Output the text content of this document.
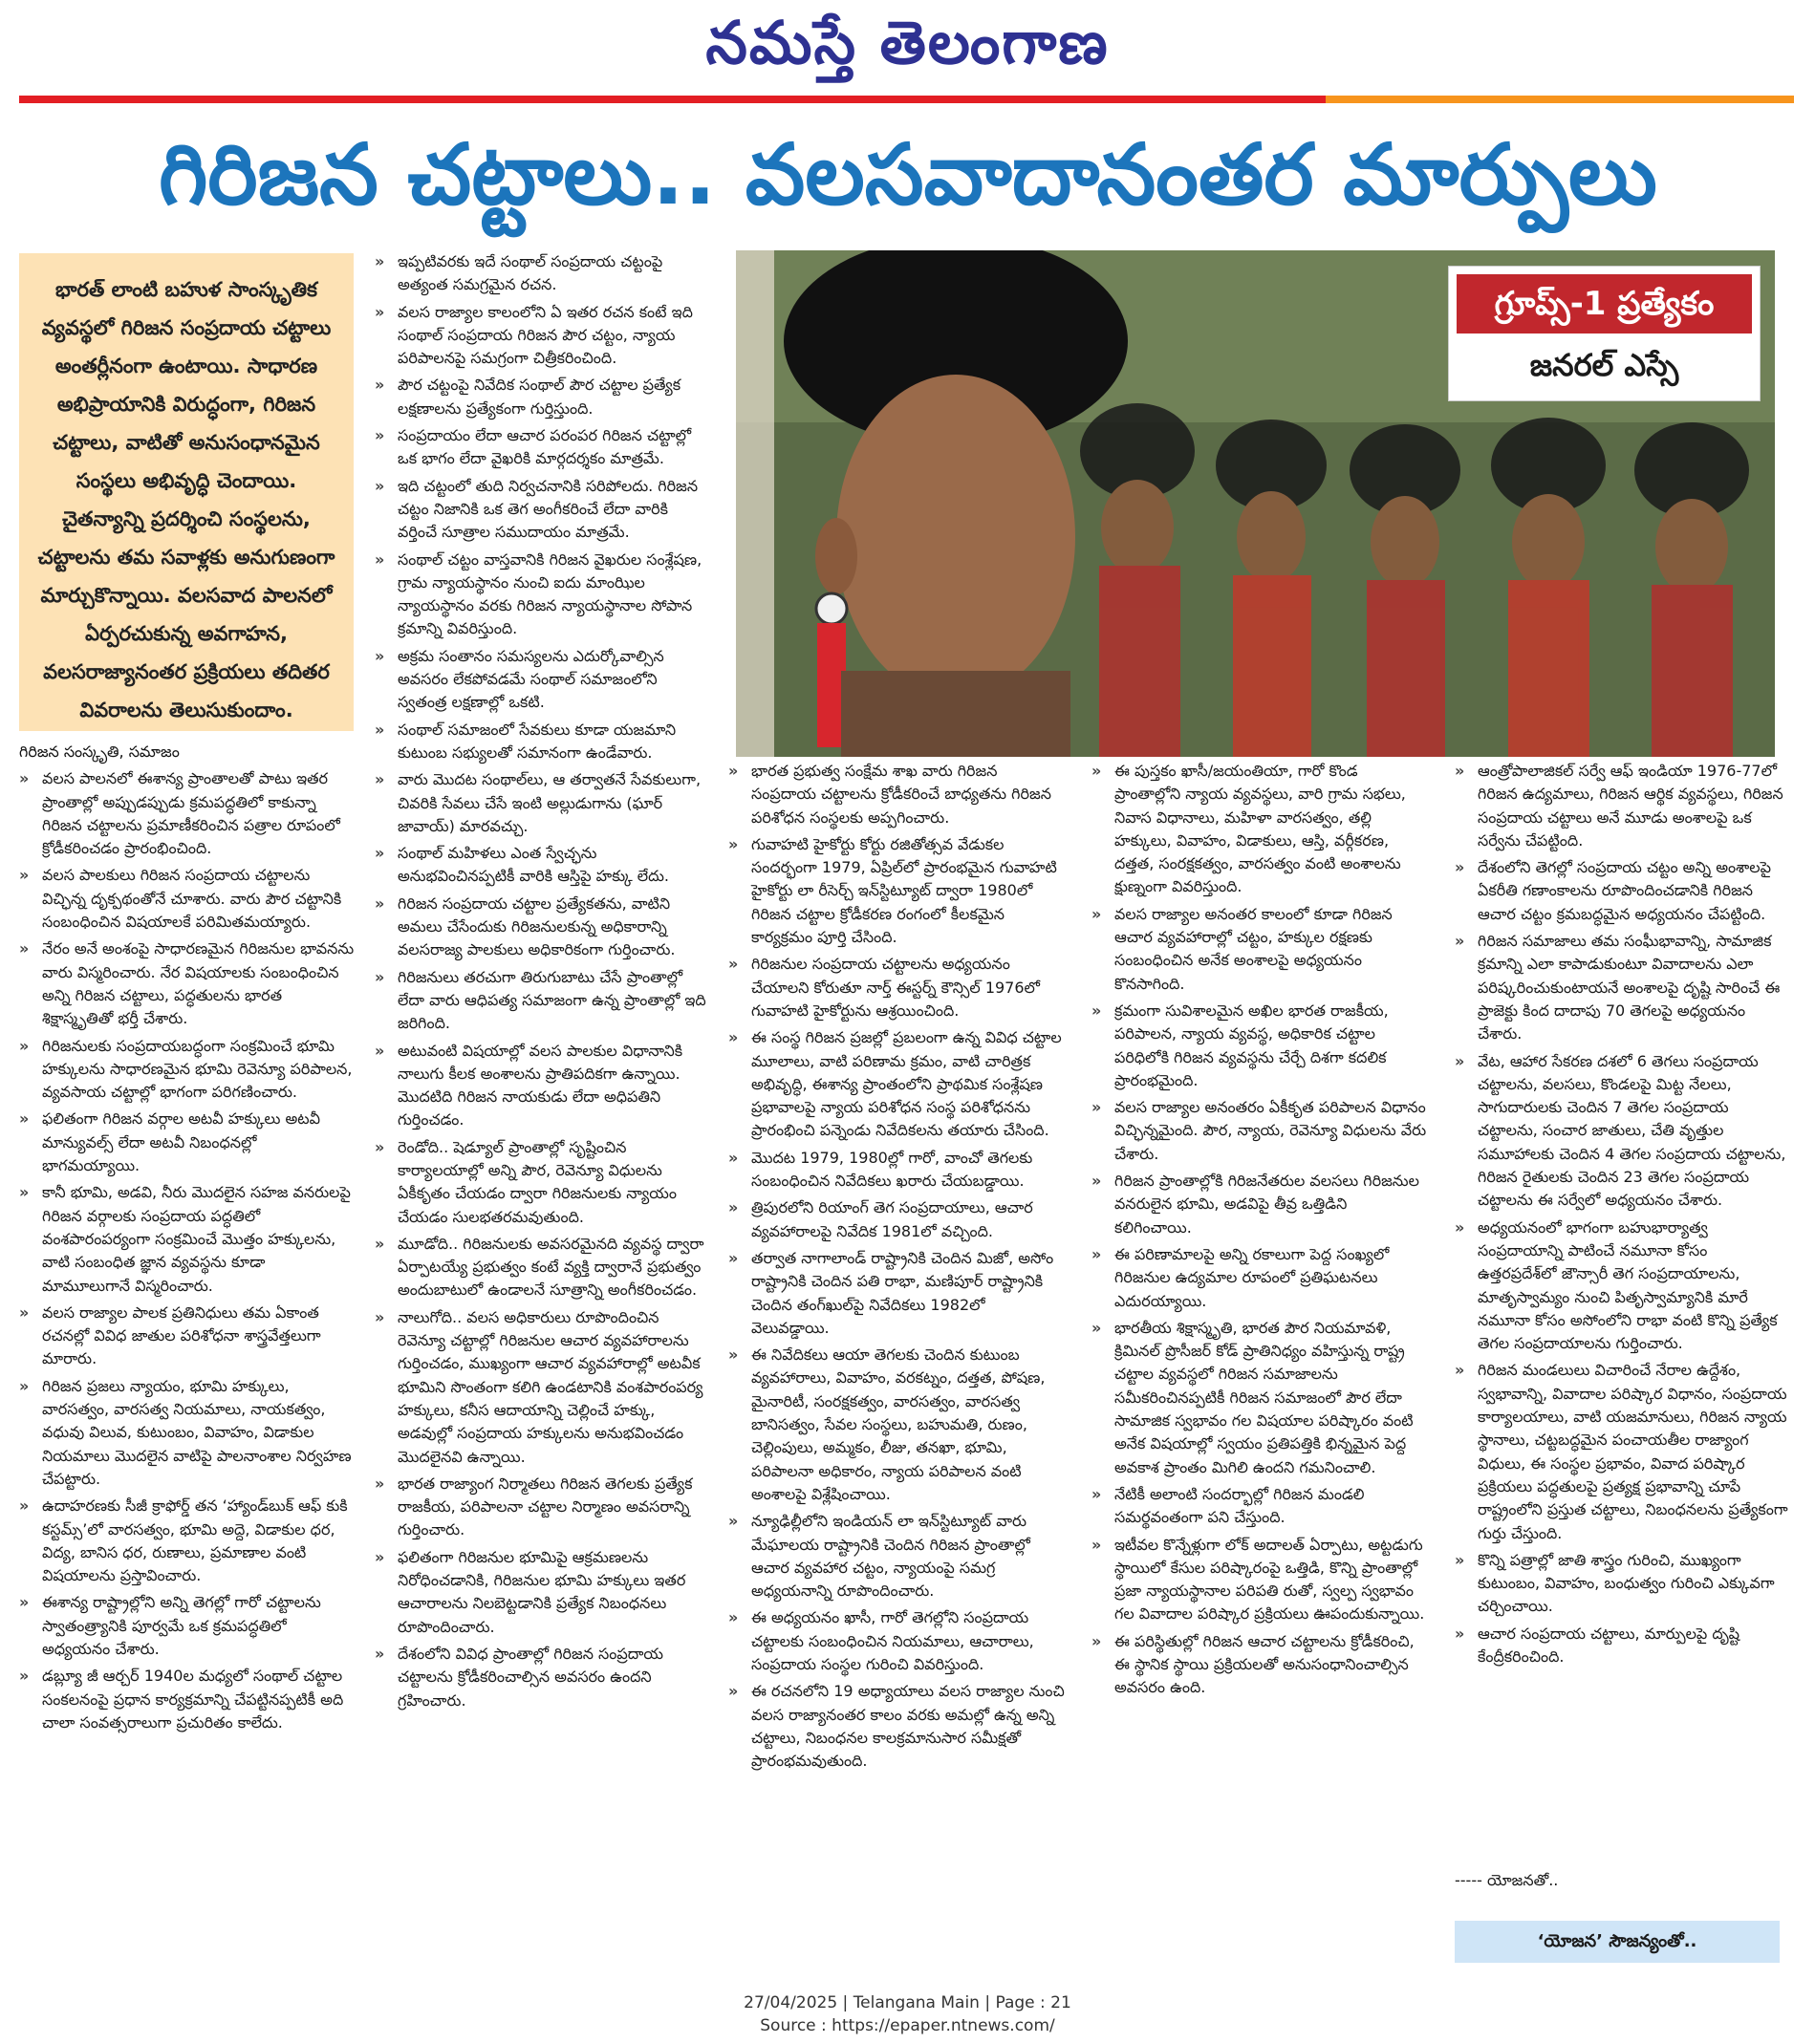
నమస్తే తెలంగాణ
గిరిజన చట్టాలు.. వలసవాదానంతర మార్పులు
భారత్ లాంటి బహుళ సాంస్కృతిక వ్యవస్థలో గిరిజన సంప్రదాయ చట్టాలు అంతర్లీనంగా ఉంటాయి. సాధారణ అభిప్రాయానికి విరుద్ధంగా, గిరిజన చట్టాలు, వాటితో అనుసంధానమైన సంస్థలు అభివృద్ధి చెందాయి. చైతన్యాన్ని ప్రదర్శించి సంస్థలను, చట్టాలను తమ సవాళ్లకు అనుగుణంగా మార్చుకొన్నాయి. వలసవాద పాలనలో ఏర్పరచుకున్న అవగాహన, వలసరాజ్యానంతర ప్రక్రియలు తదితర వివరాలను తెలుసుకుందాం.
గిరిజన సంస్కృతి, సమాజం

» వలస పాలనలో ఈశాన్య ప్రాంతాలతో పాటు ఇతర ప్రాంతాల్లో అప్పుడప్పుడు క్రమపద్ధతిలో కాకున్నా గిరిజన చట్టాలను ప్రమాణీకరించిన పత్రాల రూపంలో క్రోడీకరించడం ప్రారంభించింది.

» వలస పాలకులు గిరిజన సంప్రదాయ చట్టాలను విచ్ఛిన్న దృక్పథంతోనే చూశారు. వారు పౌర చట్టానికి సంబంధించిన విషయాలకే పరిమితమయ్యారు.

» నేరం అనే అంశంపై సాధారణమైన గిరిజనుల భావనను వారు విస్మరించారు. నేర విషయాలకు సంబంధించిన అన్ని గిరిజన చట్టాలు, పద్ధతులను భారత శిక్షాస్మృతితో భర్తీ చేశారు.

» గిరిజనులకు సంప్రదాయబద్ధంగా సంక్రమించే భూమి హక్కులను సాధారణమైన భూమి రెవెన్యూ పరిపాలన, వ్యవసాయ చట్టాల్లో భాగంగా పరిగణించారు.

» ఫలితంగా గిరిజన వర్గాల అటవీ హక్కులు అటవీ మాన్యువల్స్ లేదా అటవీ నిబంధనల్లో భాగమయ్యాయి.

» కానీ భూమి, అడవి, నీరు మొదలైన సహజ వనరులపై గిరిజన వర్గాలకు సంప్రదాయ పద్ధతిలో వంశపారంపర్యంగా సంక్రమించే మొత్తం హక్కులను, వాటి సంబంధిత జ్ఞాన వ్యవస్థను కూడా మామూలుగానే విస్మరించారు.

» వలస రాజ్యాల పాలక ప్రతినిధులు తమ ఏకాంత రచనల్లో వివిధ జాతుల పరిశోధనా శాస్త్రవేత్తలుగా మారారు.

» గిరిజన ప్రజలు న్యాయం, భూమి హక్కులు, వారసత్వం, వారసత్వ నియమాలు, నాయకత్వం, వధువు విలువ, కుటుంబం, వివాహం, విడాకుల నియమాలు మొదలైన వాటిపై పాలనాంశాల నిర్వహణ చేపట్టారు.

» ఉదాహరణకు సీజీ క్రాఫోర్డ్ తన ‘హ్యాండ్‌బుక్ ఆఫ్ కుకి కస్టమ్స్’లో వారసత్వం, భూమి అద్దె, విడాకుల ధర, విద్య, బానిస ధర, రుణాలు, ప్రమాణాల వంటి విషయాలను ప్రస్తావించారు.

» ఈశాన్య రాష్ట్రాల్లోని అన్ని తెగల్లో గారో చట్టాలను స్వాతంత్ర్యానికి పూర్వమే ఒక క్రమపద్ధతిలో అధ్యయనం చేశారు.

» డబ్ల్యూ జీ ఆర్చర్ 1940ల మధ్యలో సంథాల్ చట్టాల సంకలనంపై ప్రధాన కార్యక్రమాన్ని చేపట్టినప్పటికీ అది చాలా సంవత్సరాలుగా ప్రచురితం కాలేదు.

» ఇప్పటివరకు ఇదే సంథాల్ సంప్రదాయ చట్టంపై అత్యంత సమగ్రమైన రచన.

» వలస రాజ్యాల కాలంలోని ఏ ఇతర రచన కంటే ఇది సంథాల్ సంప్రదాయ గిరిజన పౌర చట్టం, న్యాయ పరిపాలనపై సమగ్రంగా చిత్రీకరించింది.

» పౌర చట్టంపై నివేదిక సంథాల్ పౌర చట్టాల ప్రత్యేక లక్షణాలను ప్రత్యేకంగా గుర్తిస్తుంది.

» సంప్రదాయం లేదా ఆచార పరంపర గిరిజన చట్టాల్లో ఒక భాగం లేదా వైఖరికి మార్గదర్శకం మాత్రమే.

» ఇది చట్టంలో తుది నిర్వచనానికి సరిపోలదు. గిరిజన చట్టం నిజానికి ఒక తెగ అంగీకరించే లేదా వారికి వర్తించే సూత్రాల సముదాయం మాత్రమే.

» సంథాల్ చట్టం వాస్తవానికి గిరిజన వైఖరుల సంశ్లేషణ, గ్రామ న్యాయస్థానం నుంచి ఐదు మాంఝిల న్యాయస్థానం వరకు గిరిజన న్యాయస్థానాల సోపాన క్రమాన్ని వివరిస్తుంది.

» అక్రమ సంతానం సమస్యలను ఎదుర్కోవాల్సిన అవసరం లేకపోవడమే సంథాల్ సమాజంలోని స్వతంత్ర లక్షణాల్లో ఒకటి.

» సంథాల్ సమాజంలో సేవకులు కూడా యజమాని కుటుంబ సభ్యులతో సమానంగా ఉండేవారు.

» వారు మొదట సంథాల్‌లు, ఆ తర్వాతనే సేవకులుగా, చివరికి సేవలు చేసే ఇంటి అల్లుడుగాను (ఘార్ జావాయ్) మారవచ్చు.

» సంథాల్ మహిళలు ఎంత స్వేచ్ఛను అనుభవించినప్పటికీ వారికి ఆస్తిపై హక్కు లేదు.

» గిరిజన సంప్రదాయ చట్టాల ప్రత్యేకతను, వాటిని అమలు చేసేందుకు గిరిజనులకున్న అధికారాన్ని వలసరాజ్య పాలకులు అధికారికంగా గుర్తించారు.

» గిరిజనులు తరచుగా తిరుగుబాటు చేసే ప్రాంతాల్లో లేదా వారు ఆధిపత్య సమాజంగా ఉన్న ప్రాంతాల్లో ఇది జరిగింది.

» అటువంటి విషయాల్లో వలస పాలకుల విధానానికి నాలుగు కీలక అంశాలను ప్రాతిపదికగా ఉన్నాయి. మొదటిది గిరిజన నాయకుడు లేదా అధిపతిని గుర్తించడం.

» రెండోది.. షెడ్యూల్ ప్రాంతాల్లో సృష్టించిన కార్యాలయాల్లో అన్ని పౌర, రెవెన్యూ విధులను ఏకీకృతం చేయడం ద్వారా గిరిజనులకు న్యాయం చేయడం సులభతరమవుతుంది.

» మూడోది.. గిరిజనులకు అవసరమైనది వ్యవస్థ ద్వారా ఏర్పాటయ్యే ప్రభుత్వం కంటే వ్యక్తి ద్వారానే ప్రభుత్వం అందుబాటులో ఉండాలనే సూత్రాన్ని అంగీకరించడం.

» నాలుగోది.. వలస అధికారులు రూపొందించిన రెవెన్యూ చట్టాల్లో గిరిజనుల ఆచార వ్యవహారాలను గుర్తించడం, ముఖ్యంగా ఆచార వ్యవహారాల్లో అటవీక భూమిని సొంతంగా కలిగి ఉండటానికి వంశపారంపర్య హక్కులు, కనీస ఆదాయాన్ని చెల్లించే హక్కు, అడవుల్లో సంప్రదాయ హక్కులను అనుభవించడం మొదలైనవి ఉన్నాయి.

» భారత రాజ్యాంగ నిర్మాతలు గిరిజన తెగలకు ప్రత్యేక రాజకీయ, పరిపాలనా చట్టాల నిర్మాణం అవసరాన్ని గుర్తించారు.

» ఫలితంగా గిరిజనుల భూమిపై ఆక్రమణలను నిరోధించడానికి, గిరిజనుల భూమి హక్కులు ఇతర ఆచారాలను నిలబెట్టడానికి ప్రత్యేక నిబంధనలు రూపొందించారు.

» దేశంలోని వివిధ ప్రాంతాల్లో గిరిజన సంప్రదాయ చట్టాలను క్రోడీకరించాల్సిన అవసరం ఉందని గ్రహించారు.

» భారత ప్రభుత్వ సంక్షేమ శాఖ వారు గిరిజన సంప్రదాయ చట్టాలను క్రోడీకరించే బాధ్యతను గిరిజన పరిశోధన సంస్థలకు అప్పగించారు.

» గువాహటి హైకోర్టు కోర్టు రజితోత్సవ వేడుకల సందర్భంగా 1979, ఏప్రిల్‌లో ప్రారంభమైన గువాహటి హైకోర్టు లా రీసెర్చ్ ఇన్‌స్టిట్యూట్ ద్వారా 1980లో గిరిజన చట్టాల క్రోడీకరణ రంగంలో కీలకమైన కార్యక్రమం పూర్తి చేసింది.

» గిరిజనుల సంప్రదాయ చట్టాలను అధ్యయనం చేయాలని కోరుతూ నార్త్ ఈస్టర్న్ కౌన్సిల్ 1976లో గువాహటి హైకోర్టును ఆశ్రయించింది.

» ఈ సంస్థ గిరిజన ప్రజల్లో ప్రబలంగా ఉన్న వివిధ చట్టాల మూలాలు, వాటి పరిణామ క్రమం, వాటి చారిత్రక అభివృద్ధి, ఈశాన్య ప్రాంతంలోని ప్రాథమిక సంశ్లేషణ ప్రభావాలపై న్యాయ పరిశోధన సంస్థ పరిశోధనను ప్రారంభించి పన్నెండు నివేదికలను తయారు చేసింది.

» మొదట 1979, 1980ల్లో గారో, వాంచో తెగలకు సంబంధించిన నివేదికలు ఖరారు చేయబడ్డాయి.

» త్రిపురలోని రియాంగ్ తెగ సంప్రదాయాలు, ఆచార వ్యవహారాలపై నివేదిక 1981లో వచ్చింది.

» తర్వాత నాగాలాండ్ రాష్ట్రానికి చెందిన మిజో, అసోం రాష్ట్రానికి చెందిన పతి రాభా, మణిపూర్ రాష్ట్రానికి చెందిన తంగ్‌ఖుల్‌పై నివేదికలు 1982లో వెలువడ్డాయి.

» ఈ నివేదికలు ఆయా తెగలకు చెందిన కుటుంబ వ్యవహారాలు, వివాహం, వరకట్నం, దత్తత, పోషణ, మైనారిటీ, సంరక్షకత్వం, వారసత్వం, వారసత్వ బానిసత్వం, సేవల సంస్థలు, బహుమతి, రుణం, చెల్లింపులు, అమ్మకం, లీజు, తనఖా, భూమి, పరిపాలనా అధికారం, న్యాయ పరిపాలన వంటి అంశాలపై విశ్లేషించాయి.

» న్యూఢిల్లీలోని ఇండియన్ లా ఇన్‌స్టిట్యూట్ వారు మేఘాలయ రాష్ట్రానికి చెందిన గిరిజన ప్రాంతాల్లో ఆచార వ్యవహార చట్టం, న్యాయంపై సమగ్ర అధ్యయనాన్ని రూపొందించారు.

» ఈ అధ్యయనం ఖాసీ, గారో తెగల్లోని సంప్రదాయ చట్టాలకు సంబంధించిన నియమాలు, ఆచారాలు, సంప్రదాయ సంస్థల గురించి వివరిస్తుంది.

» ఈ రచనలోని 19 అధ్యాయాలు వలస రాజ్యాల నుంచి వలస రాజ్యానంతర కాలం వరకు అమల్లో ఉన్న అన్ని చట్టాలు, నిబంధనల కాలక్రమానుసార సమీక్షతో ప్రారంభమవుతుంది.

» ఈ పుస్తకం ఖాసీ/జయంతియా, గారో కొండ ప్రాంతాల్లోని న్యాయ వ్యవస్థలు, వారి గ్రామ సభలు, నివాస విధానాలు, మహిళా వారసత్వం, తల్లి హక్కులు, వివాహం, విడాకులు, ఆస్తి, వర్గీకరణ, దత్తత, సంరక్షకత్వం, వారసత్వం వంటి అంశాలను క్షుణ్నంగా వివరిస్తుంది.

» వలస రాజ్యాల అనంతర కాలంలో కూడా గిరిజన ఆచార వ్యవహారాల్లో చట్టం, హక్కుల రక్షణకు సంబంధించిన అనేక అంశాలపై అధ్యయనం కొనసాగింది.

» క్రమంగా సువిశాలమైన అఖిల భారత రాజకీయ, పరిపాలన, న్యాయ వ్యవస్థ, అధికారిక చట్టాల పరిధిలోకి గిరిజన వ్యవస్థను చేర్చే దిశగా కదలిక ప్రారంభమైంది.

» వలస రాజ్యాల అనంతరం ఏకీకృత పరిపాలన విధానం విచ్ఛిన్నమైంది. పౌర, న్యాయ, రెవెన్యూ విధులను వేరు చేశారు.

» గిరిజన ప్రాంతాల్లోకి గిరిజనేతరుల వలసలు గిరిజనుల వనరులైన భూమి, అడవిపై తీవ్ర ఒత్తిడిని కలిగించాయి.

» ఈ పరిణామాలపై అన్ని రకాలుగా పెద్ద సంఖ్యలో గిరిజనుల ఉద్యమాల రూపంలో ప్రతిఘటనలు ఎదురయ్యాయి.

» భారతీయ శిక్షాస్మృతి, భారత పౌర నియమావళి, క్రిమినల్ ప్రొసీజర్ కోడ్ ప్రాతినిధ్యం వహిస్తున్న రాష్ట్ర చట్టాల వ్యవస్థలో గిరిజన సమాజాలను సమీకరించినప్పటికీ గిరిజన సమాజంలో పౌర లేదా సామాజిక స్వభావం గల విషయాల పరిష్కారం వంటి అనేక విషయాల్లో స్వయం ప్రతిపత్తికి భిన్నమైన పెద్ద అవకాశ ప్రాంతం మిగిలి ఉందని గమనించాలి.

» నేటికీ అలాంటి సందర్భాల్లో గిరిజన మండలి సమర్థవంతంగా పని చేస్తుంది.

» ఇటీవల కొన్నేళ్లుగా లోక్ అదాలత్ ఏర్పాటు, అట్టడుగు స్థాయిలో కేసుల పరిష్కారంపై ఒత్తిడి, కొన్ని ప్రాంతాల్లో ప్రజా న్యాయస్థానాల పరిపతి రుతో, స్వల్ప స్వభావం గల వివాదాల పరిష్కార ప్రక్రియలు ఊపందుకున్నాయి.

» ఈ పరిస్థితుల్లో గిరిజన ఆచార చట్టాలను క్రోడీకరించి, ఈ స్థానిక స్థాయి ప్రక్రియలతో అనుసంధానించాల్సిన అవసరం ఉంది.

» ఆంత్రోపాలాజికల్ సర్వే ఆఫ్ ఇండియా 1976-77లో గిరిజన ఉద్యమాలు, గిరిజన ఆర్థిక వ్యవస్థలు, గిరిజన సంప్రదాయ చట్టాలు అనే మూడు అంశాలపై ఒక సర్వేను చేపట్టింది.

» దేశంలోని తెగల్లో సంప్రదాయ చట్టం అన్ని అంశాలపై ఏకరీతి గణాంకాలను రూపొందించడానికి గిరిజన ఆచార చట్టం క్రమబద్ధమైన అధ్యయనం చేపట్టింది.

» గిరిజన సమాజాలు తమ సంఘీభావాన్ని, సామాజిక క్రమాన్ని ఎలా కాపాడుకుంటూ వివాదాలను ఎలా పరిష్కరించుకుంటాయనే అంశాలపై దృష్టి సారించే ఈ ప్రాజెక్టు కింద దాదాపు 70 తెగలపై అధ్యయనం చేశారు.

» వేట, ఆహార సేకరణ దశలో 6 తెగలు సంప్రదాయ చట్టాలను, వలసలు, కొండలపై మిట్ట నేలలు, సాగుదారులకు చెందిన 7 తెగల సంప్రదాయ చట్టాలను, సంచార జాతులు, చేతి వృత్తుల సమూహాలకు చెందిన 4 తెగల సంప్రదాయ చట్టాలను, గిరిజన రైతులకు చెందిన 23 తెగల సంప్రదాయ చట్టాలను ఈ సర్వేలో అధ్యయనం చేశారు.

» అధ్యయనంలో భాగంగా బహుభార్యాత్వ సంప్రదాయాన్ని పాటించే నమూనా కోసం ఉత్తరప్రదేశ్‌లో జౌన్సారీ తెగ సంప్రదాయాలను, మాతృస్వామ్యం నుంచి పితృస్వామ్యానికి మారే నమూనా కోసం అసోంలోని రాభా వంటి కొన్ని ప్రత్యేక తెగల సంప్రదాయాలను గుర్తించారు.

» గిరిజన మండలులు విచారించే నేరాల ఉద్దేశం, స్వభావాన్ని, వివాదాల పరిష్కార విధానం, సంప్రదాయ కార్యాలయాలు, వాటి యజమానులు, గిరిజన న్యాయ స్థానాలు, చట్టబద్ధమైన పంచాయతీల రాజ్యాంగ విధులు, ఈ సంస్థల ప్రభావం, వివాద పరిష్కార ప్రక్రియలు పద్ధతులపై ప్రత్యక్ష ప్రభావాన్ని చూపే రాష్ట్రంలోని ప్రస్తుత చట్టాలు, నిబంధనలను ప్రత్యేకంగా గుర్తు చేస్తుంది.

» కొన్ని పత్రాల్లో జాతి శాస్త్రం గురించి, ముఖ్యంగా కుటుంబం, వివాహం, బంధుత్వం గురించి ఎక్కువగా చర్చించాయి.

» ఆచార సంప్రదాయ చట్టాలు, మార్పులపై దృష్టి కేంద్రీకరించింది.

గ్రూప్స్-1 ప్రత్యేకం
జనరల్ ఎస్సే
----- యోజనతో..
‘యోజన’ సౌజన్యంతో..
27/04/2025 | Telangana Main | Page : 21
Source : https://epaper.ntnews.com/
